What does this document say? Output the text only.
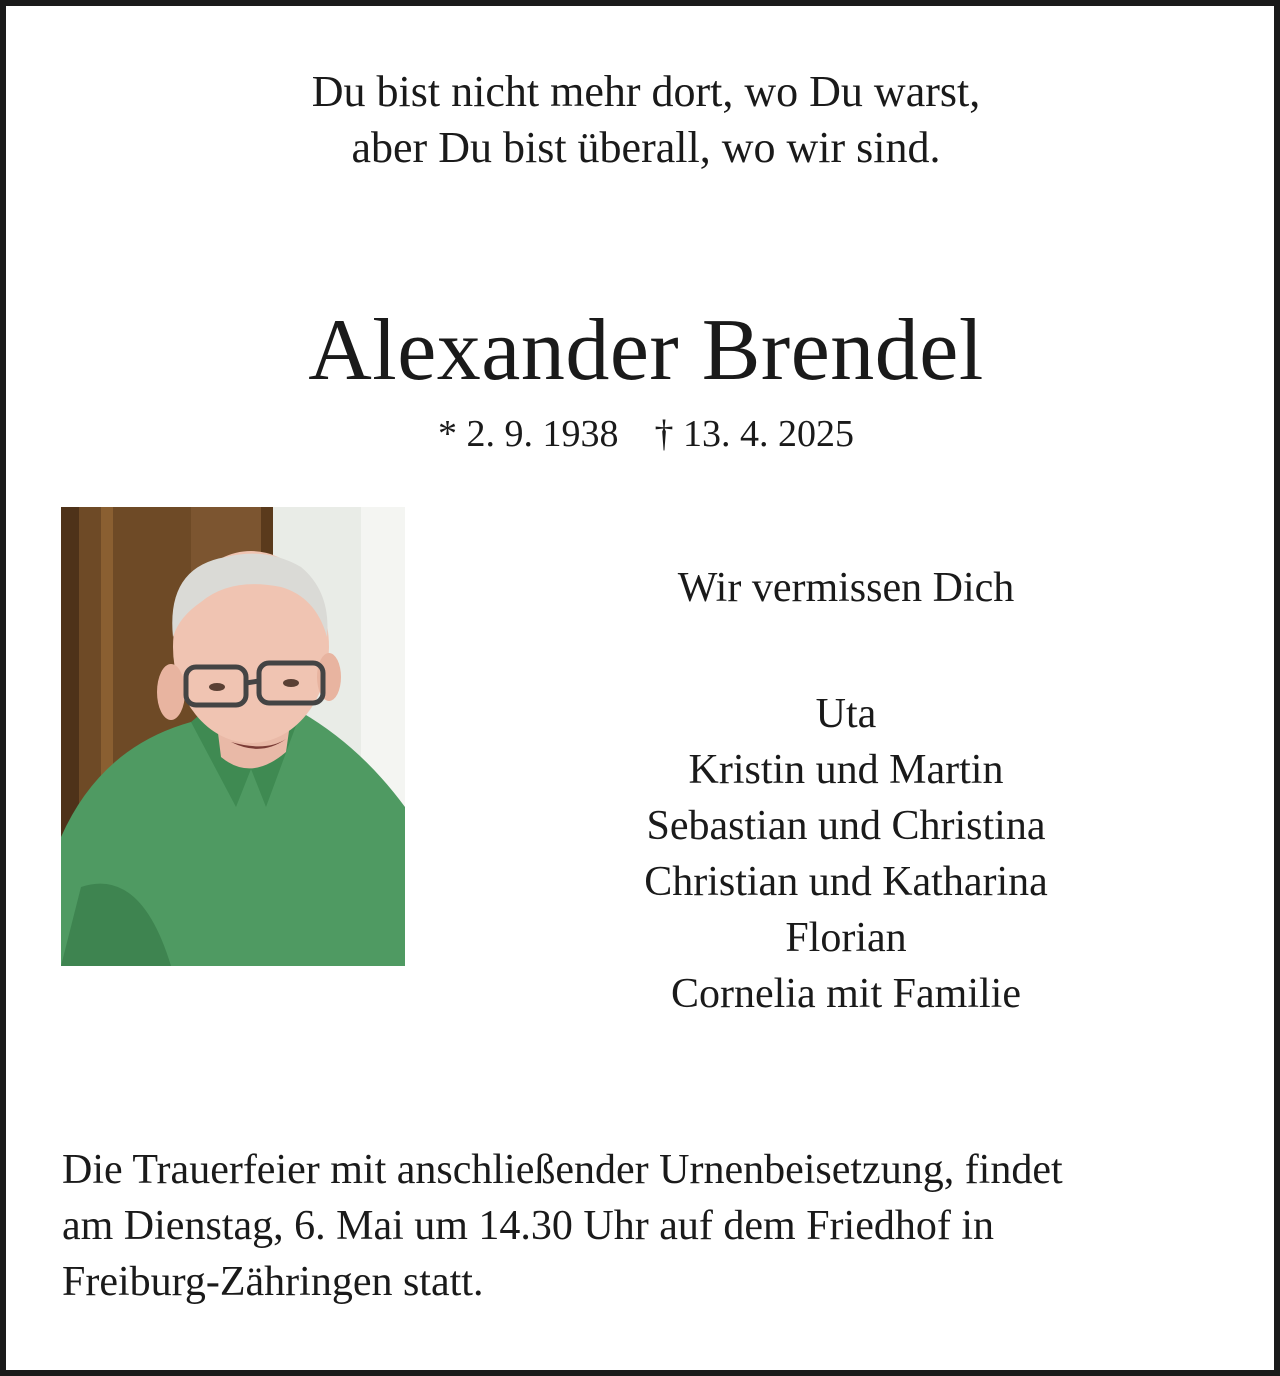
Du bist nicht mehr dort, wo Du warst,
aber Du bist überall, wo wir sind.
Alexander Brendel
* 2. 9. 1938 † 13. 4. 2025
Wir vermissen Dich
Uta
Kristin und Martin
Sebastian und Christina
Christian und Katharina
Florian
Cornelia mit Familie
Die Trauerfeier mit anschließender Urnenbeisetzung, findet
am Dienstag, 6. Mai um 14.30 Uhr auf dem Friedhof in
Freiburg-Zähringen statt.
